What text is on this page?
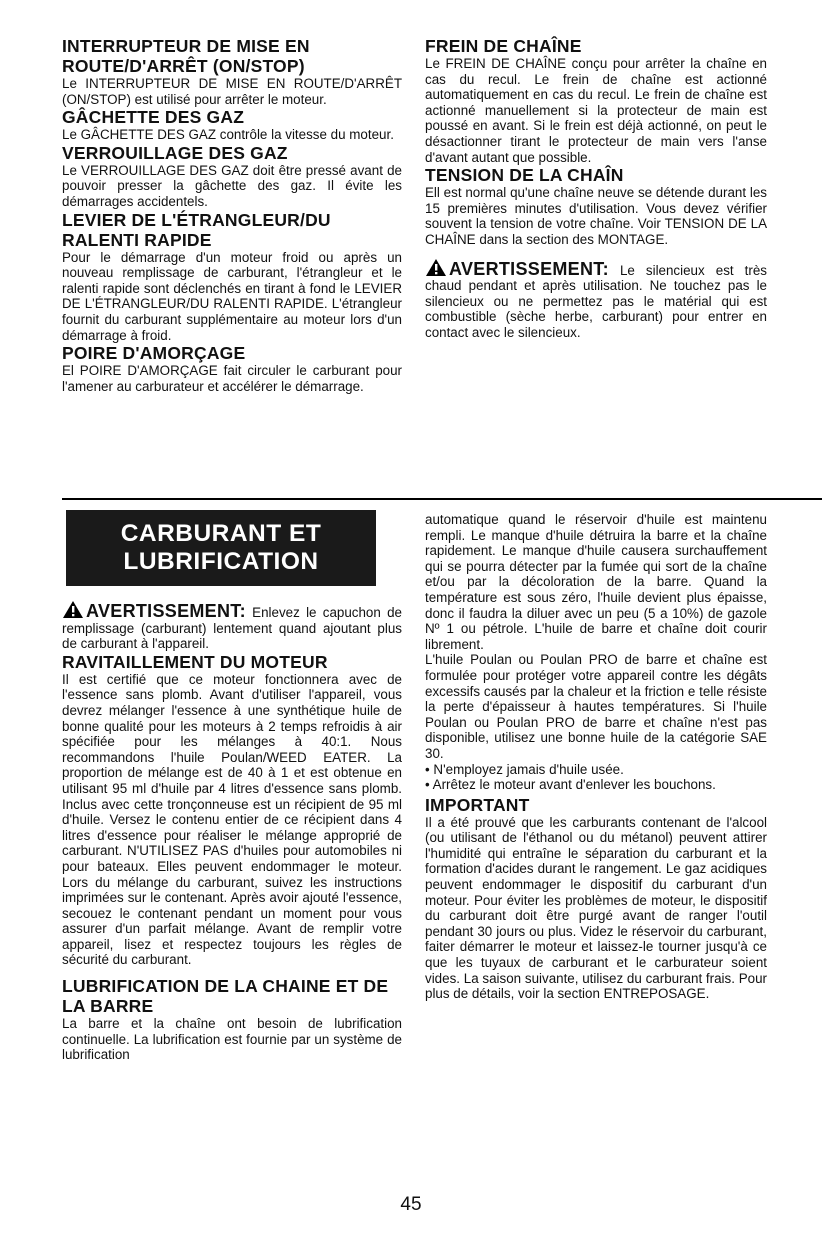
INTERRUPTEUR DE MISE EN ROUTE/D'ARRÊT (ON/STOP)

Le INTERRUPTEUR DE MISE EN ROUTE/D'ARRÊT (ON/STOP) est utilisé pour arrêter le moteur.

GÂCHETTE DES GAZ

Le GÂCHETTE DES GAZ contrôle la vitesse du moteur.

VERROUILLAGE DES GAZ

Le VERROUILLAGE DES GAZ doit être pressé avant de pouvoir presser la gâchette des gaz. Il évite les démarrages accidentels.

LEVIER DE L'ÉTRANGLEUR/DU RALENTI RAPIDE

Pour le démarrage d'un moteur froid ou après un nouveau remplissage de carburant, l'étrangleur et le ralenti rapide sont déclenchés en tirant à fond le LEVIER DE L'ÉTRANGLEUR/DU RALENTI RAPIDE. L'étrangleur fournit du carburant supplémentaire au moteur lors d'un démarrage à froid.

POIRE D'AMORÇAGE

El POIRE D'AMORÇAGE fait circuler le carburant pour l'amener au carburateur et accélérer le démarrage.

FREIN DE CHAÎNE

Le FREIN DE CHAÎNE conçu pour arrêter la chaîne en cas du recul. Le frein de chaîne est actionné automatiquement en cas du recul. Le frein de chaîne est actionné manuellement si la protecteur de main est poussé en avant. Si le frein est déjà actionné, on peut le désactionner tirant le protecteur de main vers l'anse d'avant autant que possible.

TENSION DE LA CHAÎN

Ell est normal qu'une chaîne neuve se détende durant les 15 premières minutes d'utilisation. Vous devez vérifier souvent la tension de votre chaîne. Voir TENSION DE LA CHAÎNE dans la section des MONTAGE.

AVERTISSEMENT: Le silencieux est très chaud pendant et après utilisation. Ne touchez pas le silencieux ou ne permettez pas le matérial qui est combustible (sèche herbe, carburant) pour entrer en contact avec le silencieux.

CARBURANT ET
LUBRIFICATION

AVERTISSEMENT: Enlevez le capuchon de remplissage (carburant) lentement quand ajoutant plus de carburant à l'appareil.

RAVITAILLEMENT DU MOTEUR

Il est certifié que ce moteur fonctionnera avec de l'essence sans plomb. Avant d'utiliser l'appareil, vous devrez mélanger l'essence à une synthétique huile de bonne qualité pour les moteurs à 2 temps refroidis à air spécifiée pour les mélanges à 40:1. Nous recommandons l'huile Poulan/WEED EATER. La proportion de mélange est de 40 à 1 et est obtenue en utilisant 95 ml d'huile par 4 litres d'essence sans plomb. Inclus avec cette tronçonneuse est un récipient de 95 ml d'huile. Versez le contenu entier de ce récipient dans 4 litres d'essence pour réaliser le mélange approprié de carburant. N'UTILISEZ PAS d'huiles pour automobiles ni pour bateaux. Elles peuvent endommager le moteur. Lors du mélange du carburant, suivez les instructions imprimées sur le contenant. Après avoir ajouté l'essence, secouez le contenant pendant un moment pour vous assurer d'un parfait mélange. Avant de remplir votre appareil, lisez et respectez toujours les règles de sécurité du carburant.

LUBRIFICATION DE LA CHAINE ET DE LA BARRE

La barre et la chaîne ont besoin de lubrification continuelle. La lubrification est fournie par un système de lubrification

automatique quand le réservoir d'huile est maintenu rempli. Le manque d'huile détruira la barre et la chaîne rapidement. Le manque d'huile causera surchauffement qui se pourra détecter par la fumée qui sort de la chaîne et/ou par la décoloration de la barre. Quand la température est sous zéro, l'huile devient plus épaisse, donc il faudra la diluer avec un peu (5 a 10%) de gazole Nº 1 ou pétrole. L'huile de barre et chaîne doit courir librement.

L'huile Poulan ou Poulan PRO de barre et chaîne est formulée pour protéger votre appareil contre les dégâts excessifs causés par la chaleur et la friction e telle résiste la perte d'épaisseur à hautes températures. Si l'huile Poulan ou Poulan PRO de barre et chaîne n'est pas disponible, utilisez une bonne huile de la catégorie SAE 30.

• N'employez jamais d'huile usée.

• Arrêtez le moteur avant d'enlever les bouchons.

IMPORTANT

Il a été prouvé que les carburants contenant de l'alcool (ou utilisant de l'éthanol ou du métanol) peuvent attirer l'humidité qui entraîne le séparation du carburant et la formation d'acides durant le rangement. Le gaz acidiques peuvent endommager le dispositif du carburant d'un moteur. Pour éviter les problèmes de moteur, le dispositif du carburant doit être purgé avant de ranger l'outil pendant 30 jours ou plus. Videz le réservoir du carburant, faiter démarrer le moteur et laissez-le tourner jusqu'à ce que les tuyaux de carburant et le carburateur soient vides. La saison suivante, utilisez du carburant frais. Pour plus de détails, voir la section ENTREPOSAGE.

45
